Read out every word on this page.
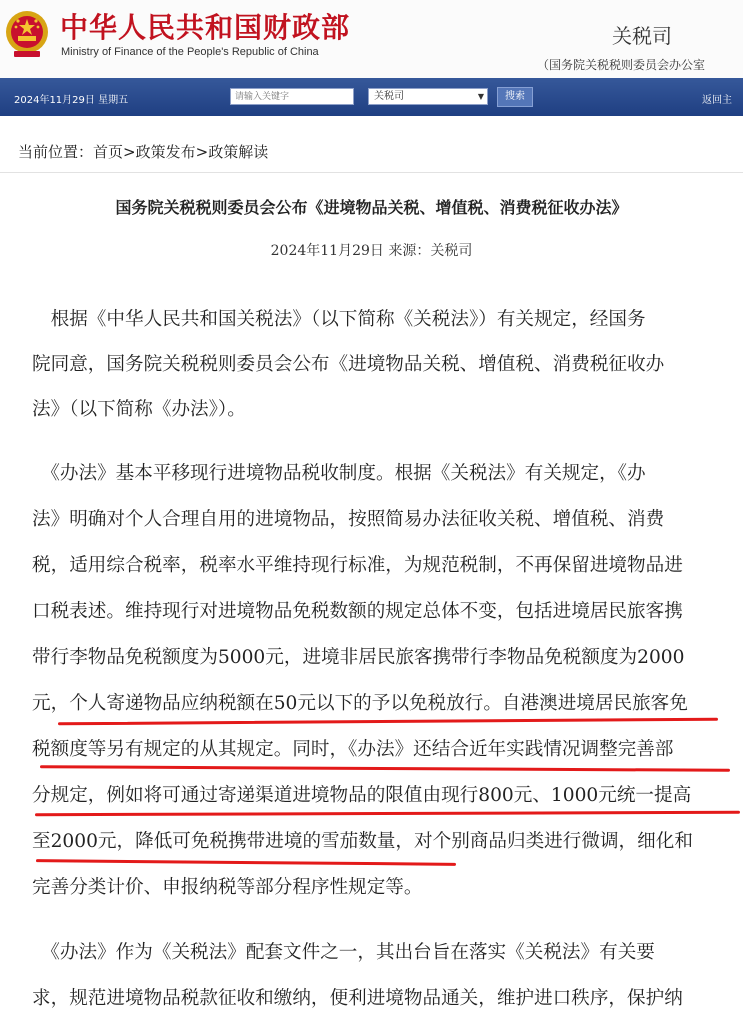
中华人民共和国财政部
Ministry of Finance of the People's Republic of China
关税司
（国务院关税税则委员会办公室
2024年11月29日 星期五
请输入关键字	关税司	▼	搜索	返回主
当前位置：首页>政策发布>政策解读
国务院关税税则委员会公布《进境物品关税、增值税、消费税征收办法》
2024年11月29日 来源：关税司
　根据《中华人民共和国关税法》（以下简称《关税法》）有关规定，经国务
院同意，国务院关税税则委员会公布《进境物品关税、增值税、消费税征收办
法》（以下简称《办法》）。
　《办法》基本平移现行进境物品税收制度。根据《关税法》有关规定，《办
法》明确对个人合理自用的进境物品，按照简易办法征收关税、增值税、消费
税，适用综合税率，税率水平维持现行标准，为规范税制，不再保留进境物品进
口税表述。维持现行对进境物品免税数额的规定总体不变，包括进境居民旅客携
带行李物品免税额度为5000元，进境非居民旅客携带行李物品免税额度为2000
元，个人寄递物品应纳税额在50元以下的予以免税放行。自港澳进境居民旅客免
税额度等另有规定的从其规定。同时，《办法》还结合近年实践情况调整完善部
分规定，例如将可通过寄递渠道进境物品的限值由现行800元、1000元统一提高
至2000元，降低可免税携带进境的雪茄数量，对个别商品归类进行微调，细化和
完善分类计价、申报纳税等部分程序性规定等。
　《办法》作为《关税法》配套文件之一，其出台旨在落实《关税法》有关要
求，规范进境物品税款征收和缴纳，便利进境物品通关，维护进口秩序，保护纳
